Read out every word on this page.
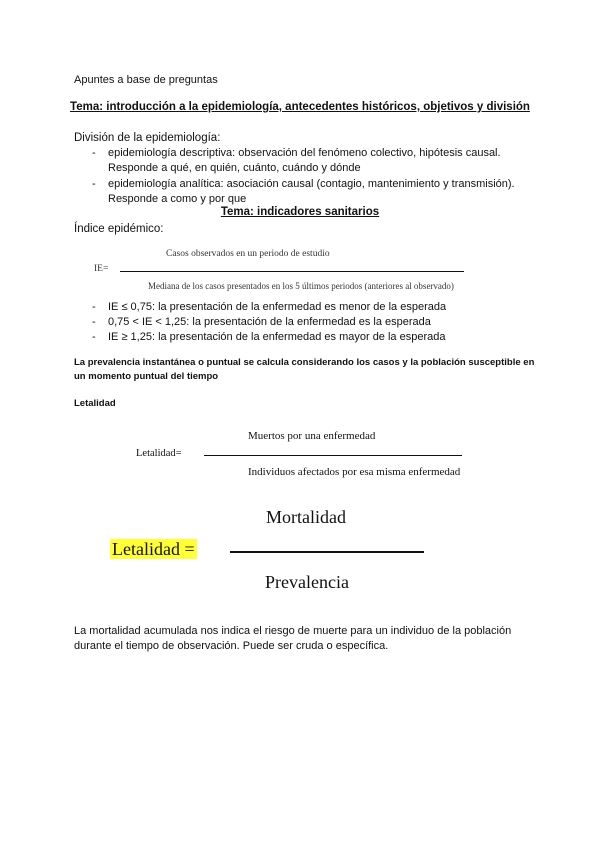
Apuntes a base de preguntas
Tema: introducción a la epidemiología, antecedentes históricos, objetivos y división
División de la epidemiología:
- epidemiología descriptiva: observación del fenómeno colectivo, hipótesis causal.
Responde a qué, en quién, cuánto, cuándo y dónde
- epidemiología analítica: asociación causal (contagio, mantenimiento y transmisión).
Responde a como y por que
Tema: indicadores sanitarios
Índice epidémico:
Casos observados en un periodo de estudio
IE=
Mediana de los casos presentados en los 5 últimos periodos (anteriores al observado)
- IE ≤ 0,75: la presentación de la enfermedad es menor de la esperada
- 0,75 < IE < 1,25: la presentación de la enfermedad es la esperada
- IE ≥ 1,25: la presentación de la enfermedad es mayor de la esperada
La prevalencia instantánea o puntual se calcula considerando los casos y la población susceptible en
un momento puntual del tiempo
Letalidad
Muertos por una enfermedad
Letalidad=
Individuos afectados por esa misma enfermedad
Mortalidad
Letalidad =
Prevalencia
La mortalidad acumulada nos indica el riesgo de muerte para un individuo de la población
durante el tiempo de observación. Puede ser cruda o específica.
